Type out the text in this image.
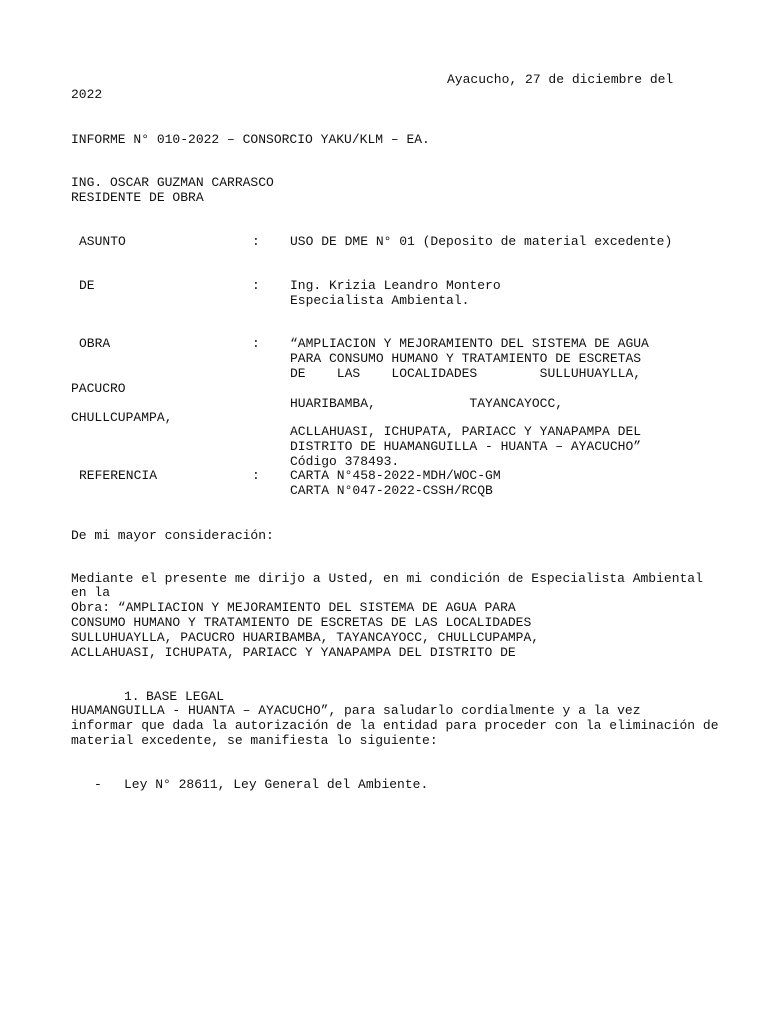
Ayacucho, 27 de diciembre del

2022

INFORME N° 010-2022 – CONSORCIO YAKU/KLM – EA.

ING. OSCAR GUZMAN CARRASCO

RESIDENTE DE OBRA

ASUNTO	: USO DE DME N° 01 (Deposito de material excedente)

DE	: Ing. Krizia Leandro Montero

Especialista Ambiental.

OBRA	: “AMPLIACION Y MEJORAMIENTO DEL SISTEMA DE AGUA

PARA CONSUMO HUMANO Y TRATAMIENTO DE ESCRETAS

DE    LAS    LOCALIDADES        SULLUHUAYLLA,

PACUCRO

HUARIBAMBA,            TAYANCAYOCC,

CHULLCUPAMPA,

ACLLAHUASI, ICHUPATA, PARIACC Y YANAPAMPA DEL

DISTRITO DE HUAMANGUILLA - HUANTA – AYACUCHO”

Código 378493.

REFERENCIA	: CARTA N°458-2022-MDH/WOC-GM

CARTA N°047-2022-CSSH/RCQB

De mi mayor consideración:

Mediante el presente me dirijo a Usted, en mi condición de Especialista Ambiental

en la

Obra: “AMPLIACION Y MEJORAMIENTO DEL SISTEMA DE AGUA PARA

CONSUMO HUMANO Y TRATAMIENTO DE ESCRETAS DE LAS LOCALIDADES

SULLUHUAYLLA, PACUCRO HUARIBAMBA, TAYANCAYOCC, CHULLCUPAMPA,

ACLLAHUASI, ICHUPATA, PARIACC Y YANAPAMPA DEL DISTRITO DE

1. BASE LEGAL

HUAMANGUILLA - HUANTA – AYACUCHO”, para saludarlo cordialmente y a la vez

informar que dada la autorización de la entidad para proceder con la eliminación de

material excedente, se manifiesta lo siguiente:

- Ley N° 28611, Ley General del Ambiente.
